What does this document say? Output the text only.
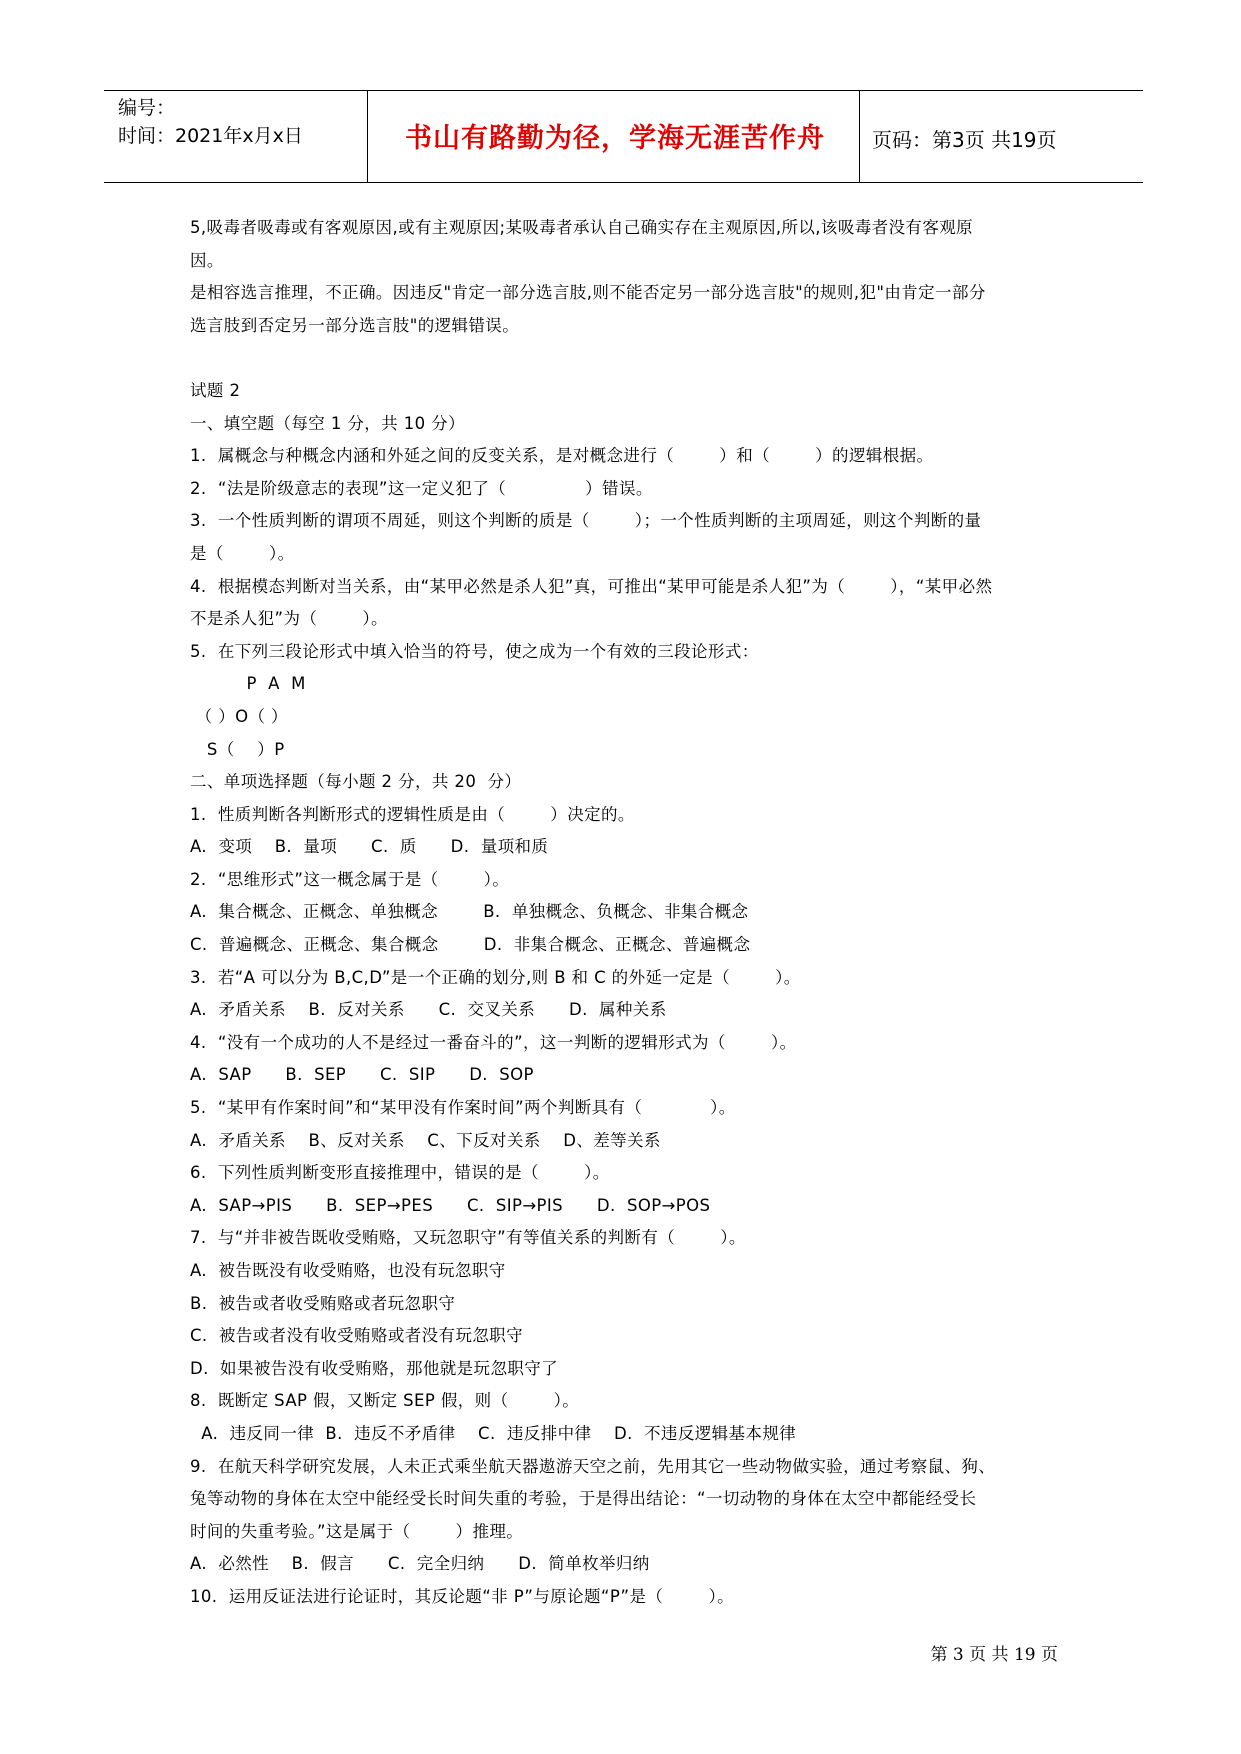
编号：
时间：2021年x月x日	书山有路勤为径，学海无涯苦作舟	页码：第3页 共19页
5,吸毒者吸毒或有客观原因,或有主观原因;某吸毒者承认自己确实存在主观原因,所以,该吸毒者没有客观原
因。
是相容选言推理，不正确。因违反"肯定一部分选言肢,则不能否定另一部分选言肢"的规则,犯"由肯定一部分
选言肢到否定另一部分选言肢"的逻辑错误。

试题 2
一、填空题（每空 1 分，共 10 分）
1.  属概念与种概念内涵和外延之间的反变关系，是对概念进行（        ）和（        ）的逻辑根据。
2.  “法是阶级意志的表现”这一定义犯了（              ）错误。
3.  一个性质判断的谓项不周延，则这个判断的质是（        ）；一个性质判断的主项周延，则这个判断的量
是（        ）。
4.  根据模态判断对当关系，由“某甲必然是杀人犯”真，可推出“某甲可能是杀人犯”为（        ），“某甲必然
不是杀人犯”为（        ）。
5.  在下列三段论形式中填入恰当的符号，使之成为一个有效的三段论形式：
P  A  M
（ ）O（ ）
S（    ）P
二、单项选择题（每小题 2 分，共 20  分）
1.  性质判断各判断形式的逻辑性质是由（        ）决定的。
A.  变项    B.  量项      C.  质      D.  量项和质
2.  “思维形式”这一概念属于是（        ）。
A.  集合概念、正概念、单独概念        B.  单独概念、负概念、非集合概念
C.  普遍概念、正概念、集合概念        D.  非集合概念、正概念、普遍概念
3.  若“A 可以分为 B,C,D”是一个正确的划分,则 B 和 C 的外延一定是（        ）。
A.  矛盾关系    B.  反对关系      C.  交叉关系      D.  属种关系
4.  “没有一个成功的人不是经过一番奋斗的”，这一判断的逻辑形式为（        ）。
A.  SAP      B.  SEP      C.  SIP      D.  SOP
5.  “某甲有作案时间”和“某甲没有作案时间”两个判断具有（            ）。
A.  矛盾关系    B、反对关系    C、下反对关系    D、差等关系
6.  下列性质判断变形直接推理中，错误的是（        ）。
A.  SAP→PIS      B.  SEP→PES      C.  SIP→PIS      D.  SOP→POS
7.  与“并非被告既收受贿赂，又玩忽职守”有等值关系的判断有（        ）。
A.  被告既没有收受贿赂，也没有玩忽职守
B.  被告或者收受贿赂或者玩忽职守
C.  被告或者没有收受贿赂或者没有玩忽职守
D.  如果被告没有收受贿赂，那他就是玩忽职守了
8.  既断定 SAP 假，又断定 SEP 假，则（        ）。
A.  违反同一律  B.  违反不矛盾律    C.  违反排中律    D.  不违反逻辑基本规律
9.  在航天科学研究发展，人未正式乘坐航天器遨游天空之前，先用其它一些动物做实验，通过考察鼠、狗、
兔等动物的身体在太空中能经受长时间失重的考验，于是得出结论：“一切动物的身体在太空中都能经受长
时间的失重考验。”这是属于（        ）推理。
A.  必然性    B.  假言      C.  完全归纳      D.  简单枚举归纳
10.  运用反证法进行论证时，其反论题“非 P”与原论题“P”是（        ）。
第 3 页 共 19 页
